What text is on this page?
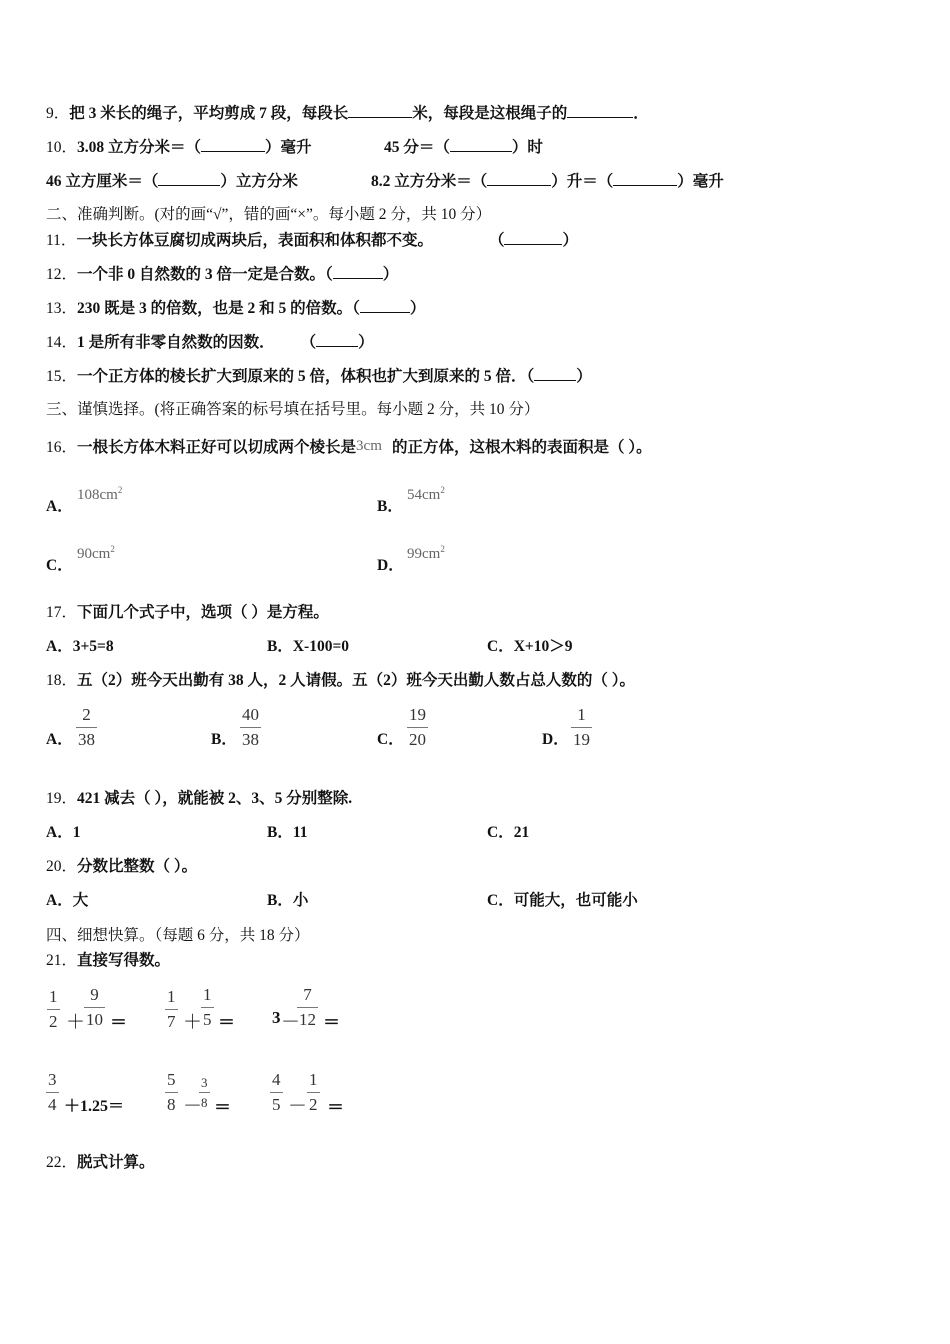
9．把 3 米长的绳子，平均剪成 7 段，每段长	米，每段是这根绳子的	．
10．3.08 立方分米＝（	）毫升	45 分＝（	）时
46 立方厘米＝（	）立方分米	8.2 立方分米＝（	）升＝（	）毫升
二、准确判断。(对的画“√”，错的画“×”。每小题 2 分，共 10 分）
11．一块长方体豆腐切成两块后，表面积和体积都不变。	（	）
12．一个非 0 自然数的 3 倍一定是合数。（	）
13．230 既是 3 的倍数，也是 2 和 5 的倍数。（	）
14．1 是所有非零自然数的因数． （	）
15．一个正方体的棱长扩大到原来的 5 倍，体积也扩大到原来的 5 倍．（	）
三、谨慎选择。(将正确答案的标号填在括号里。每小题 2 分，共 10 分）
16．一根长方体木料正好可以切成两个棱长是 3cm 的正方体，这根木料的表面积是（ ）。
A．
$108cm^2$
B．
$54cm^2$
C．
$90cm^2$
D．
$99cm^2$
17．下面几个式子中，选项（ ）是方程。
A．3+5=8	B．X-100=0	C．X+10＞9
18．五（2）班今天出勤有 38 人，2 人请假。五（2）班今天出勤人数占总人数的（ ）。
A．
2
38	B．
40
38	C．
19
20	D．
1
19
19．421 减去（ ），就能被 2、3、5 分别整除.
A．1	B．11	C．21
20．分数比整数（ ）。
A．大	B．小	C．可能大，也可能小
四、细想快算。（每题 6 分，共 18 分）
21．直接写得数。
1
2 ＋
9
10 ＝
1
7 ＋
1
5 ＝ 3 －
7
12 ＝
3
4 ＋1.25＝
5
8 －
3
8 ＝
4
5 －
1
2 ＝
22．脱式计算。
